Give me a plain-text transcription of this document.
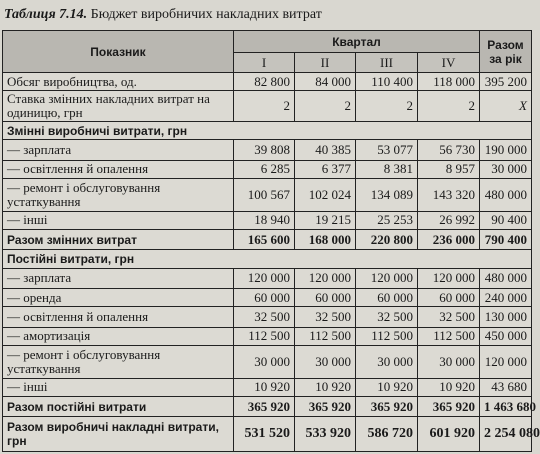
Таблиця 7.14. Бюджет виробничих накладних витрат
Показник	Квартал				Разом за рік
	I	II	III	IV	
Обсяг виробництва, од.	82 800	84 000	110 400	118 000	395 200
Ставка змінних накладних витрат на одиницю, грн	2	2	2	2	X
Змінні виробничі витрати, грн					
— зарплата	39 808	40 385	53 077	56 730	190 000
— освітлення й опалення	6 285	6 377	8 381	8 957	30 000
— ремонт і обслуговування устаткування	100 567	102 024	134 089	143 320	480 000
— інші	18 940	19 215	25 253	26 992	90 400
Разом змінних витрат	165 600	168 000	220 800	236 000	790 400
Постійні витрати, грн					
— зарплата	120 000	120 000	120 000	120 000	480 000
— оренда	60 000	60 000	60 000	60 000	240 000
— освітлення й опалення	32 500	32 500	32 500	32 500	130 000
— амортизація	112 500	112 500	112 500	112 500	450 000
— ремонт і обслуговування устаткування	30 000	30 000	30 000	30 000	120 000
— інші	10 920	10 920	10 920	10 920	43 680
Разом постійні витрати	365 920	365 920	365 920	365 920	1 463 680
Разом виробничі накладні витрати, грн	531 520	533 920	586 720	601 920	2 254 080
